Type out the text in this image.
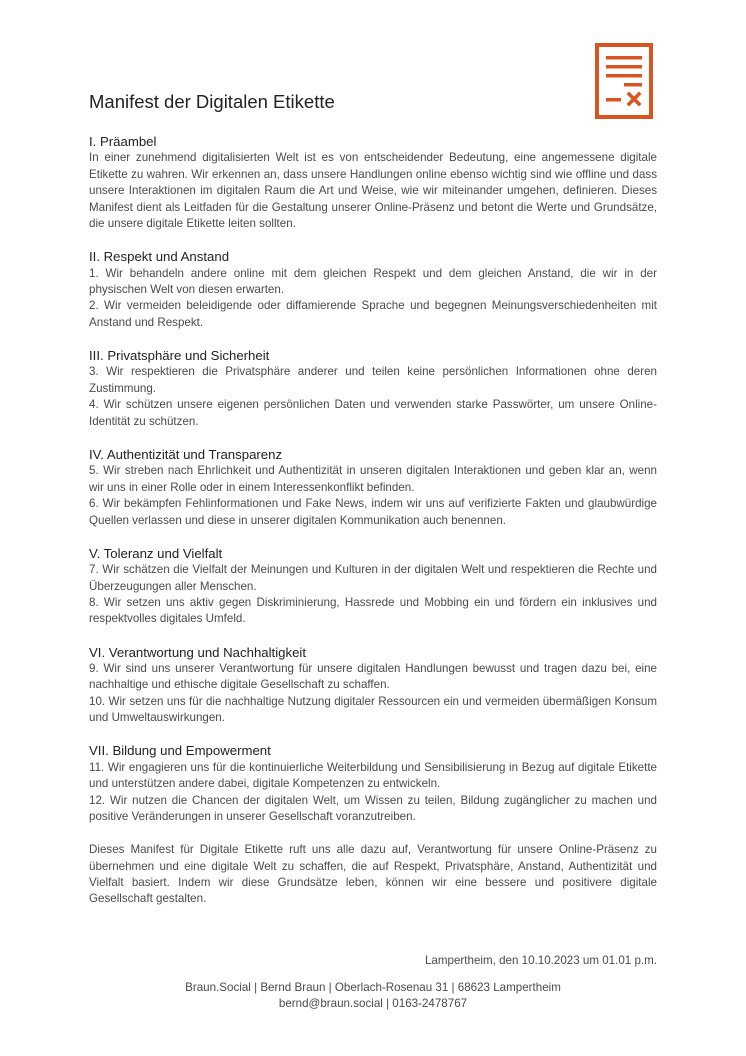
Manifest der Digitalen Etikette
I. Präambel

In einer zunehmend digitalisierten Welt ist es von entscheidender Bedeutung, eine angemessene digitale Etikette zu wahren. Wir erkennen an, dass unsere Handlungen online ebenso wichtig sind wie offline und dass unsere Interaktionen im digitalen Raum die Art und Weise, wie wir miteinander umgehen, definieren. Dieses Manifest dient als Leitfaden für die Gestaltung unserer Online-Präsenz und betont die Werte und Grundsätze, die unsere digitale Etikette leiten sollten.

II. Respekt und Anstand

1. Wir behandeln andere online mit dem gleichen Respekt und dem gleichen Anstand, die wir in der physischen Welt von diesen erwarten.

2. Wir vermeiden beleidigende oder diffamierende Sprache und begegnen Meinungsverschiedenheiten mit Anstand und Respekt.

III. Privatsphäre und Sicherheit

3. Wir respektieren die Privatsphäre anderer und teilen keine persönlichen Informationen ohne deren Zustimmung.

4. Wir schützen unsere eigenen persönlichen Daten und verwenden starke Passwörter, um unsere Online-Identität zu schützen.

IV. Authentizität und Transparenz

5. Wir streben nach Ehrlichkeit und Authentizität in unseren digitalen Interaktionen und geben klar an, wenn wir uns in einer Rolle oder in einem Interessenkonflikt befinden.

6. Wir bekämpfen Fehlinformationen und Fake News, indem wir uns auf verifizierte Fakten und glaubwürdige Quellen verlassen und diese in unserer digitalen Kommunikation auch benennen.

V. Toleranz und Vielfalt

7. Wir schätzen die Vielfalt der Meinungen und Kulturen in der digitalen Welt und respektieren die Rechte und Überzeugungen aller Menschen.

8. Wir setzen uns aktiv gegen Diskriminierung, Hassrede und Mobbing ein und fördern ein inklusives und respektvolles digitales Umfeld.

VI. Verantwortung und Nachhaltigkeit

9. Wir sind uns unserer Verantwortung für unsere digitalen Handlungen bewusst und tragen dazu bei, eine nachhaltige und ethische digitale Gesellschaft zu schaffen.

10. Wir setzen uns für die nachhaltige Nutzung digitaler Ressourcen ein und vermeiden übermäßigen Konsum und Umweltauswirkungen.

VII. Bildung und Empowerment

11. Wir engagieren uns für die kontinuierliche Weiterbildung und Sensibilisierung in Bezug auf digitale Etikette und unterstützen andere dabei, digitale Kompetenzen zu entwickeln.

12. Wir nutzen die Chancen der digitalen Welt, um Wissen zu teilen, Bildung zugänglicher zu machen und positive Veränderungen in unserer Gesellschaft voranzutreiben.

Dieses Manifest für Digitale Etikette ruft uns alle dazu auf, Verantwortung für unsere Online-Präsenz zu übernehmen und eine digitale Welt zu schaffen, die auf Respekt, Privatsphäre, Anstand, Authentizität und Vielfalt basiert. Indem wir diese Grundsätze leben, können wir eine bessere und positivere digitale Gesellschaft gestalten.

Lampertheim, den 10.10.2023 um 01.01 p.m.
Braun.Social | Bernd Braun | Oberlach-Rosenau 31 | 68623 Lampertheim
bernd@braun.social | 0163-2478767
